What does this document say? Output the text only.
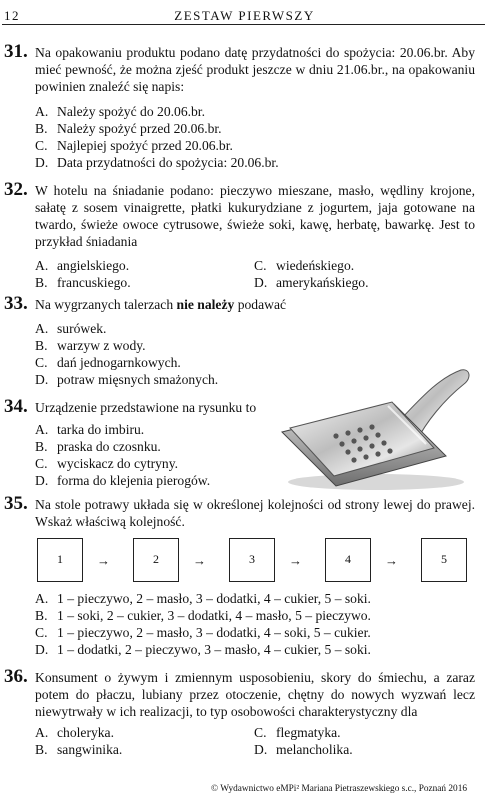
12	ZESTAW PIERWSZY
31. Na opakowaniu produktu podano datę przydatności do spożycia: 20.06.br. Aby mieć pewność, że można zjeść produkt jeszcze w dniu 21.06.br., na opakowaniu powinien znaleźć się napis:
A. Należy spożyć do 20.06.br.
B. Należy spożyć przed 20.06.br.
C. Najlepiej spożyć przed 20.06.br.
D. Data przydatności do spożycia: 20.06.br.
32. W hotelu na śniadanie podano: pieczywo mieszane, masło, wędliny krojone, sałatę z sosem vinaigrette, płatki kukurydziane z jogurtem, jaja gotowane na twardo, świeże owoce cytrusowe, świeże soki, kawę, herbatę, bawarkę. Jest to przykład śniadania
A. angielskiego.
B. francuskiego.
C. wiedeńskiego.
D. amerykańskiego.
33. Na wygrzanych talerzach nie należy podawać
A. surówek.
B. warzyw z wody.
C. dań jednogarnkowych.
D. potraw mięsnych smażonych.
34. Urządzenie przedstawione na rysunku to
A. tarka do imbiru.
B. praska do czosnku.
C. wyciskacz do cytryny.
D. forma do klejenia pierogów.
35. Na stole potrawy układa się w określonej kolejności od strony lewej do prawej. Wskaż właściwą kolejność.
1	→	2	→	3	→	4	→	5
A. 1 – pieczywo, 2 – masło, 3 – dodatki, 4 – cukier, 5 – soki.
B. 1 – soki, 2 – cukier, 3 – dodatki, 4 – masło, 5 – pieczywo.
C. 1 – pieczywo, 2 – masło, 3 – dodatki, 4 – soki, 5 – cukier.
D. 1 – dodatki, 2 – pieczywo, 3 – masło, 4 – cukier, 5 – soki.
36. Konsument o żywym i zmiennym usposobieniu, skory do śmiechu, a zaraz potem do płaczu, lubiany przez otoczenie, chętny do nowych wyzwań lecz niewytrwały w ich realizacji, to typ osobowości charakterystyczny dla
A. choleryka.
B. sangwinika.
C. flegmatyka.
D. melancholika.
© Wydawnictwo eMPi² Mariana Pietraszewskiego s.c., Poznań 2016
